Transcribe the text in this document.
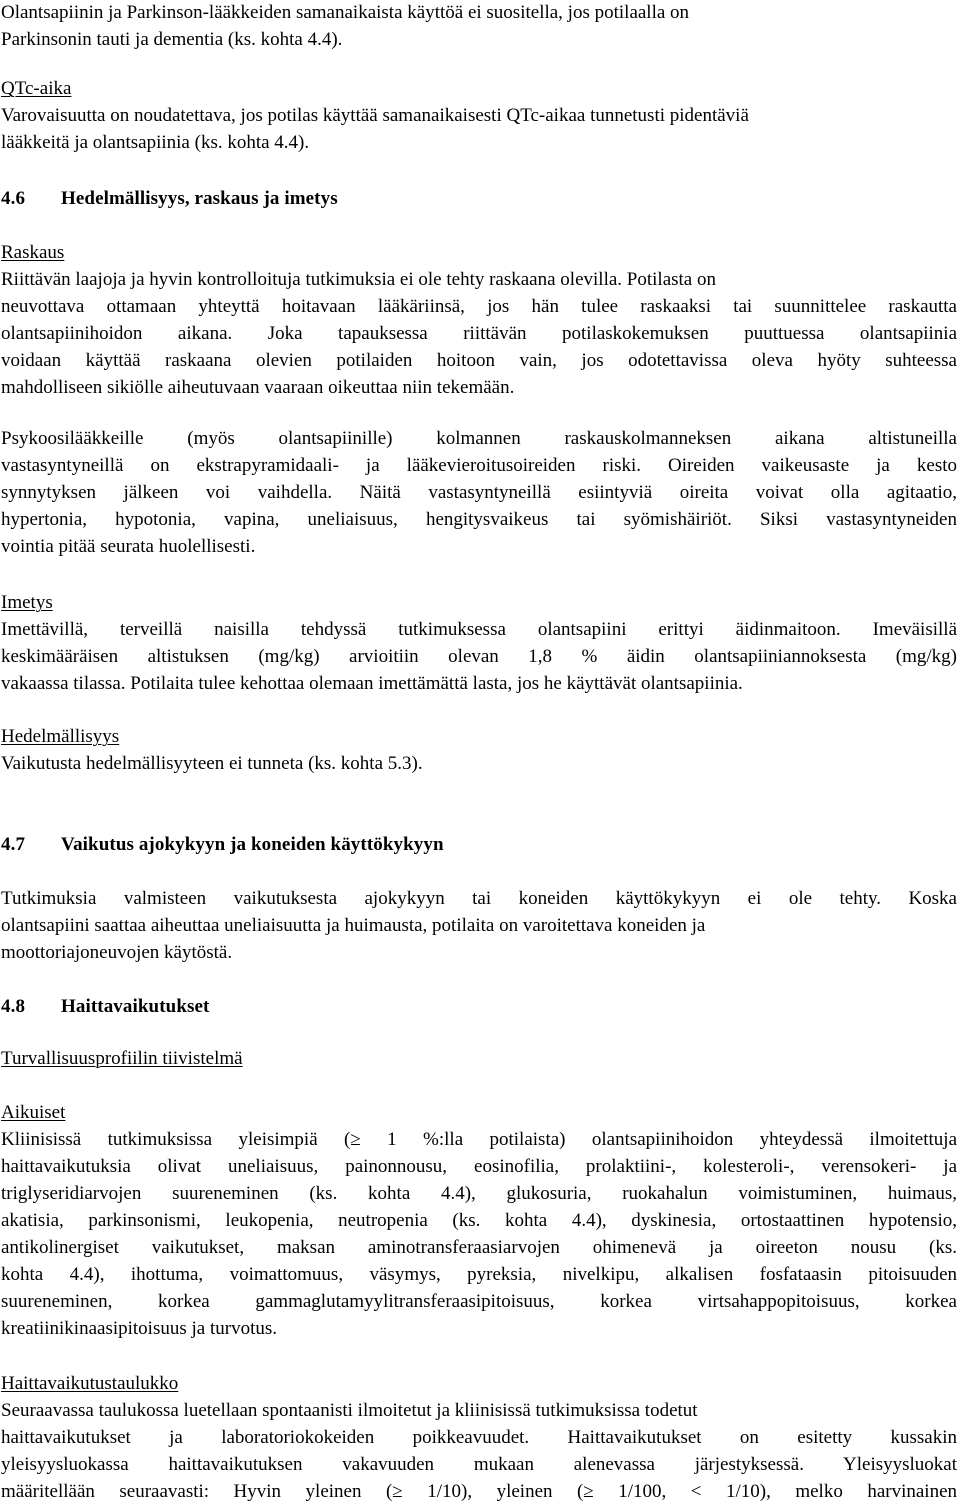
Olantsapiinin ja Parkinson-lääkkeiden samanaikaista käyttöä ei suositella, jos potilaalla on

Parkinsonin tauti ja dementia (ks. kohta 4.4).

QTc-aika

Varovaisuutta on noudatettava, jos potilas käyttää samanaikaisesti QTc-aikaa tunnetusti pidentäviä

lääkkeitä ja olantsapiinia (ks. kohta 4.4).

4.6 Hedelmällisyys, raskaus ja imetys

Raskaus

Riittävän laajoja ja hyvin kontrolloituja tutkimuksia ei ole tehty raskaana olevilla. Potilasta on

neuvottava ottamaan yhteyttä hoitavaan lääkäriinsä, jos hän tulee raskaaksi tai suunnittelee raskautta

olantsapiinihoidon aikana. Joka tapauksessa riittävän potilaskokemuksen puuttuessa olantsapiinia

voidaan käyttää raskaana olevien potilaiden hoitoon vain, jos odotettavissa oleva hyöty suhteessa

mahdolliseen sikiölle aiheutuvaan vaaraan oikeuttaa niin tekemään.

Psykoosilääkkeille (myös olantsapiinille) kolmannen raskauskolmanneksen aikana altistuneilla

vastasyntyneillä on ekstrapyramidaali- ja lääkevieroitusoireiden riski. Oireiden vaikeusaste ja kesto

synnytyksen jälkeen voi vaihdella. Näitä vastasyntyneillä esiintyviä oireita voivat olla agitaatio,

hypertonia, hypotonia, vapina, uneliaisuus, hengitysvaikeus tai syömishäiriöt. Siksi vastasyntyneiden

vointia pitää seurata huolellisesti.

Imetys

Imettävillä, terveillä naisilla tehdyssä tutkimuksessa olantsapiini erittyi äidinmaitoon. Imeväisillä

keskimääräisen altistuksen (mg/kg) arvioitiin olevan 1,8 % äidin olantsapiiniannoksesta (mg/kg)

vakaassa tilassa. Potilaita tulee kehottaa olemaan imettämättä lasta, jos he käyttävät olantsapiinia.

Hedelmällisyys

Vaikutusta hedelmällisyyteen ei tunneta (ks. kohta 5.3).

4.7 Vaikutus ajokykyyn ja koneiden käyttökykyyn

Tutkimuksia valmisteen vaikutuksesta ajokykyyn tai koneiden käyttökykyyn ei ole tehty. Koska

olantsapiini saattaa aiheuttaa uneliaisuutta ja huimausta, potilaita on varoitettava koneiden ja

moottoriajoneuvojen käytöstä.

4.8 Haittavaikutukset

Turvallisuusprofiilin tiivistelmä

Aikuiset

Kliinisissä tutkimuksissa yleisimpiä (≥ 1 %:lla potilaista) olantsapiinihoidon yhteydessä ilmoitettuja

haittavaikutuksia olivat uneliaisuus, painonnousu, eosinofilia, prolaktiini-, kolesteroli-, verensokeri- ja

triglyseridiarvojen suureneminen (ks. kohta 4.4), glukosuria, ruokahalun voimistuminen, huimaus,

akatisia, parkinsonismi, leukopenia, neutropenia (ks. kohta 4.4), dyskinesia, ortostaattinen hypotensio,

antikolinergiset vaikutukset, maksan aminotransferaasiarvojen ohimenevä ja oireeton nousu (ks.

kohta 4.4), ihottuma, voimattomuus, väsymys, pyreksia, nivelkipu, alkalisen fosfataasin pitoisuuden

suureneminen, korkea gammaglutamyylitransferaasipitoisuus, korkea virtsahappopitoisuus, korkea

kreatiinikinaasipitoisuus ja turvotus.

Haittavaikutustaulukko

Seuraavassa taulukossa luetellaan spontaanisti ilmoitetut ja kliinisissä tutkimuksissa todetut

haittavaikutukset ja laboratoriokokeiden poikkeavuudet. Haittavaikutukset on esitetty kussakin

yleisyysluokassa haittavaikutuksen vakavuuden mukaan alenevassa järjestyksessä. Yleisyysluokat

määritellään seuraavasti: Hyvin yleinen (≥ 1/10), yleinen (≥ 1/100, < 1/10), melko harvinainen
